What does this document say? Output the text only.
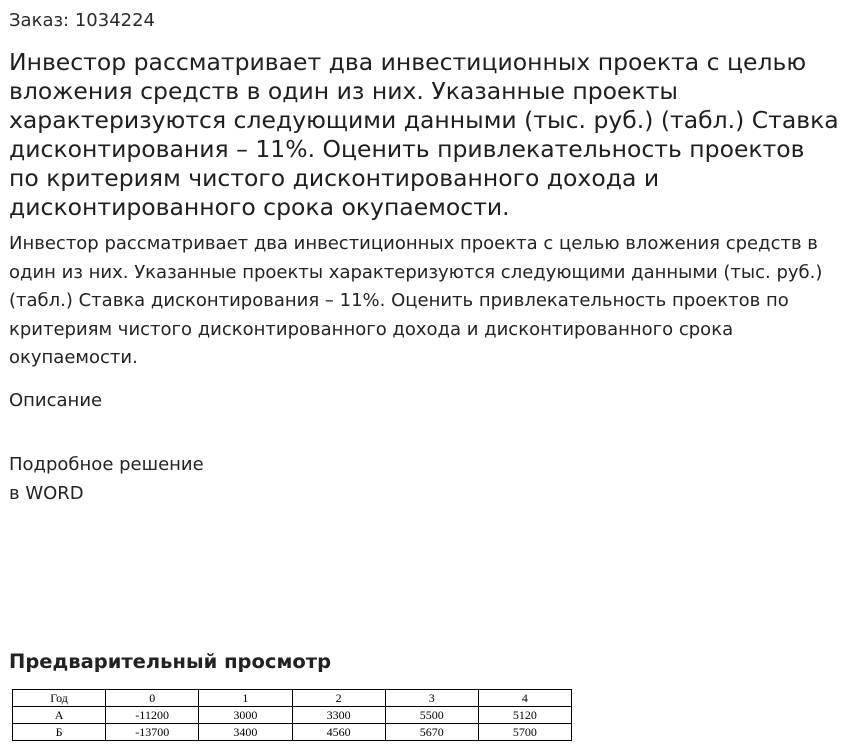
Заказ: 1034224
Инвестор рассматривает два инвестиционных проекта с целью вложения средств в один из них. Указанные проекты характеризуются следующими данными (тыс. руб.) (табл.) Ставка дисконтирования – 11%. Оценить привлекательность проектов по критериям чистого дисконтированного дохода и дисконтированного срока окупаемости.

Инвестор рассматривает два инвестиционных проекта с целью вложения средств в один из них. Указанные проекты характеризуются следующими данными (тыс. руб.) (табл.) Ставка дисконтирования – 11%. Оценить привлекательность проектов по критериям чистого дисконтированного дохода и дисконтированного срока окупаемости.

Описание
Подробное решение
в WORD
Предварительный просмотр
Год	0	1	2	3	4
А	-11200	3000	3300	5500	5120
Б	-13700	3400	4560	5670	5700
